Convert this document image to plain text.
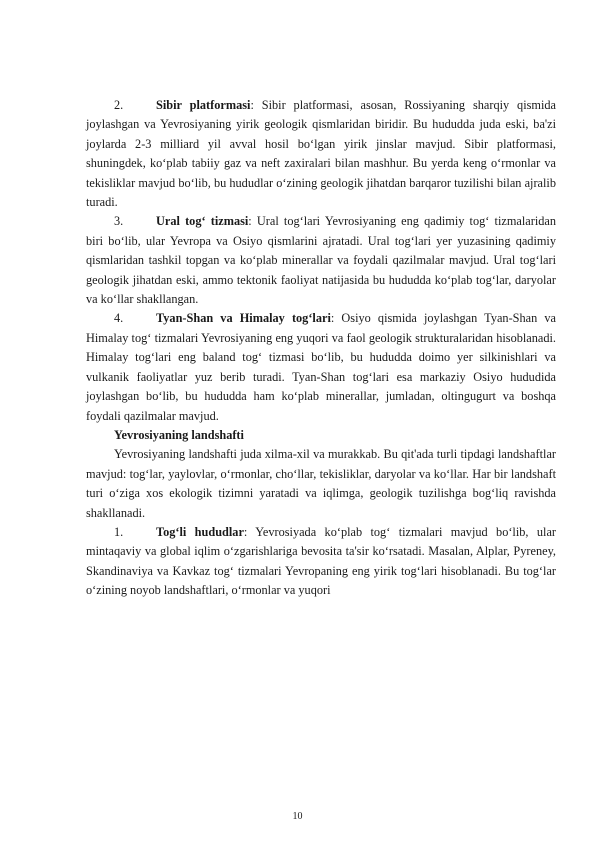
2.	Sibir platformasi: Sibir platformasi, asosan, Rossiyaning sharqiy qismida joylashgan va Yevrosiyaning yirik geologik qismlaridan biridir. Bu hududda juda eski, ba'zi joylarda 2-3 milliard yil avval hosil bo‘lgan yirik jinslar mavjud. Sibir platformasi, shuningdek, ko‘plab tabiiy gaz va neft zaxiralari bilan mashhur. Bu yerda keng o‘rmonlar va tekisliklar mavjud bo‘lib, bu hududlar o‘zining geologik jihatdan barqaror tuzilishi bilan ajralib turadi.

3.	Ural tog‘ tizmasi: Ural tog‘lari Yevrosiyaning eng qadimiy tog‘ tizmalaridan biri bo‘lib, ular Yevropa va Osiyo qismlarini ajratadi. Ural tog‘lari yer yuzasining qadimiy qismlaridan tashkil topgan va ko‘plab minerallar va foydali qazilmalar mavjud. Ural tog‘lari geologik jihatdan eski, ammo tektonik faoliyat natijasida bu hududda ko‘plab tog‘lar, daryolar va ko‘llar shakllangan.

4.	Tyan-Shan va Himalay tog‘lari: Osiyo qismida joylashgan Tyan-Shan va Himalay tog‘ tizmalari Yevrosiyaning eng yuqori va faol geologik strukturalaridan hisoblanadi. Himalay tog‘lari eng baland tog‘ tizmasi bo‘lib, bu hududda doimo yer silkinishlari va vulkanik faoliyatlar yuz berib turadi. Tyan-Shan tog‘lari esa markaziy Osiyo hududida joylashgan bo‘lib, bu hududda ham ko‘plab minerallar, jumladan, oltingugurt va boshqa foydali qazilmalar mavjud.

Yevrosiyaning landshafti

Yevrosiyaning landshafti juda xilma-xil va murakkab. Bu qit'ada turli tipdagi landshaftlar mavjud: tog‘lar, yaylovlar, o‘rmonlar, cho‘llar, tekisliklar, daryolar va ko‘llar. Har bir landshaft turi o‘ziga xos ekologik tizimni yaratadi va iqlimga, geologik tuzilishga bog‘liq ravishda shakllanadi.

1.	Tog‘li hududlar: Yevrosiyada ko‘plab tog‘ tizmalari mavjud bo‘lib, ular mintaqaviy va global iqlim o‘zgarishlariga bevosita ta'sir ko‘rsatadi. Masalan, Alplar, Pyreney, Skandinaviya va Kavkaz tog‘ tizmalari Yevropaning eng yirik tog‘lari hisoblanadi. Bu tog‘lar o‘zining noyob landshaftlari, o‘rmonlar va yuqori

10
